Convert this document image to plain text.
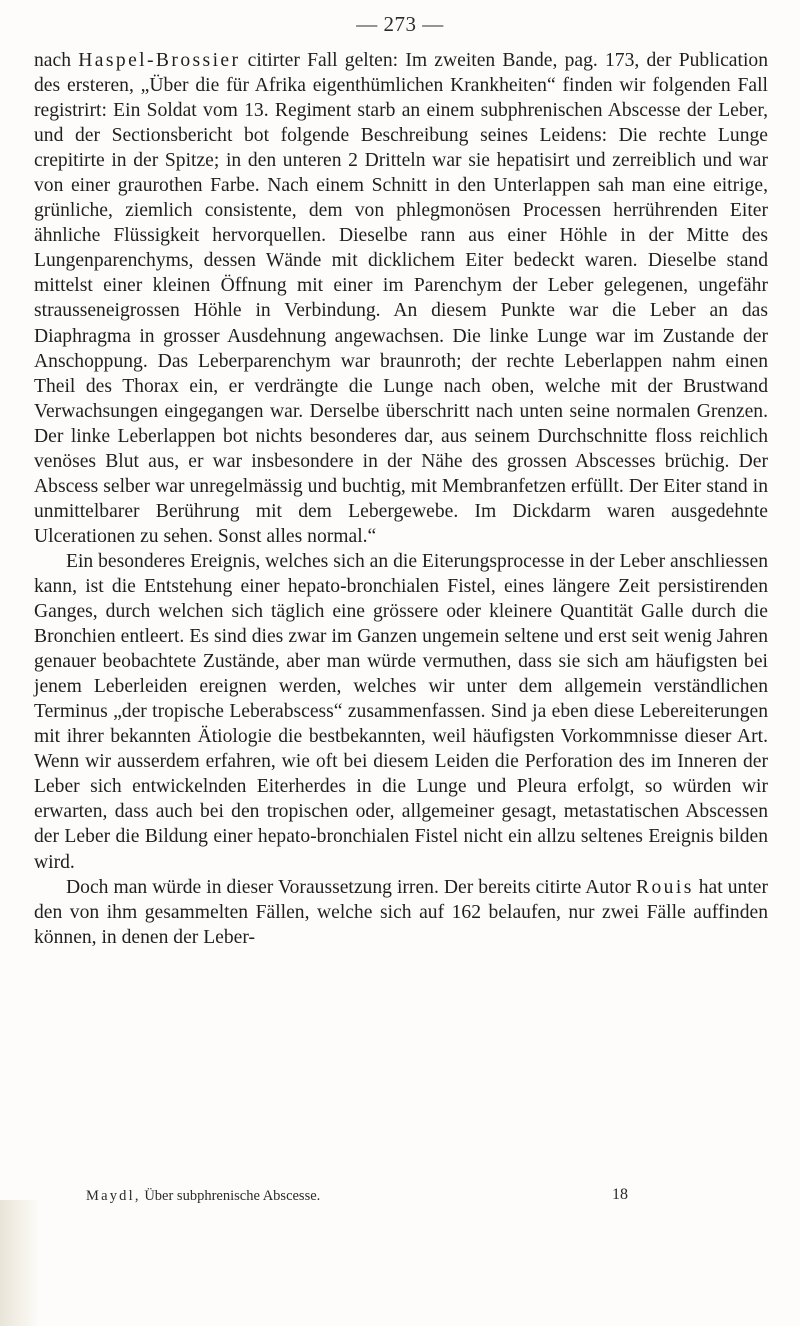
— 273 —

nach Haspel-Brossier citirter Fall gelten: Im zweiten Bande, pag. 173, der Publication des ersteren, „Über die für Afrika eigenthümlichen Krankheiten“ finden wir folgenden Fall registrirt: Ein Soldat vom 13. Regiment starb an einem subphrenischen Abscesse der Leber, und der Sectionsbericht bot folgende Beschreibung seines Leidens: Die rechte Lunge crepitirte in der Spitze; in den unteren 2 Dritteln war sie hepatisirt und zerreiblich und war von einer graurothen Farbe. Nach einem Schnitt in den Unterlappen sah man eine eitrige, grünliche, ziemlich consistente, dem von phlegmonösen Processen herrührenden Eiter ähnliche Flüssigkeit hervorquellen. Dieselbe rann aus einer Höhle in der Mitte des Lungenparenchyms, dessen Wände mit dicklichem Eiter bedeckt waren. Dieselbe stand mittelst einer kleinen Öffnung mit einer im Parenchym der Leber gelegenen, ungefähr strausseneigrossen Höhle in Verbindung. An diesem Punkte war die Leber an das Diaphragma in grosser Ausdehnung angewachsen. Die linke Lunge war im Zustande der Anschoppung. Das Leberparenchym war braunroth; der rechte Leberlappen nahm einen Theil des Thorax ein, er verdrängte die Lunge nach oben, welche mit der Brustwand Verwachsungen eingegangen war. Derselbe überschritt nach unten seine normalen Grenzen. Der linke Leberlappen bot nichts besonderes dar, aus seinem Durchschnitte floss reichlich venöses Blut aus, er war insbesondere in der Nähe des grossen Abscesses brüchig. Der Abscess selber war unregelmässig und buchtig, mit Membranfetzen erfüllt. Der Eiter stand in unmittelbarer Berührung mit dem Lebergewebe. Im Dickdarm waren ausgedehnte Ulcerationen zu sehen. Sonst alles normal.“

Ein besonderes Ereignis, welches sich an die Eiterungsprocesse in der Leber anschliessen kann, ist die Entstehung einer hepato-bronchialen Fistel, eines längere Zeit persistirenden Ganges, durch welchen sich täglich eine grössere oder kleinere Quantität Galle durch die Bronchien entleert. Es sind dies zwar im Ganzen ungemein seltene und erst seit wenig Jahren genauer beobachtete Zustände, aber man würde vermuthen, dass sie sich am häufigsten bei jenem Leberleiden ereignen werden, welches wir unter dem allgemein verständlichen Terminus „der tropische Leberabscess“ zusammenfassen. Sind ja eben diese Lebereiterungen mit ihrer bekannten Ätiologie die bestbekannten, weil häufigsten Vorkommnisse dieser Art. Wenn wir ausserdem erfahren, wie oft bei diesem Leiden die Perforation des im Inneren der Leber sich entwickelnden Eiterherdes in die Lunge und Pleura erfolgt, so würden wir erwarten, dass auch bei den tropischen oder, allgemeiner gesagt, metastatischen Abscessen der Leber die Bildung einer hepato-bronchialen Fistel nicht ein allzu seltenes Ereignis bilden wird.

Doch man würde in dieser Voraussetzung irren. Der bereits citirte Autor Rouis hat unter den von ihm gesammelten Fällen, welche sich auf 162 belaufen, nur zwei Fälle auffinden können, in denen der Leber-

Maydl, Über subphrenische Abscesse.	18
